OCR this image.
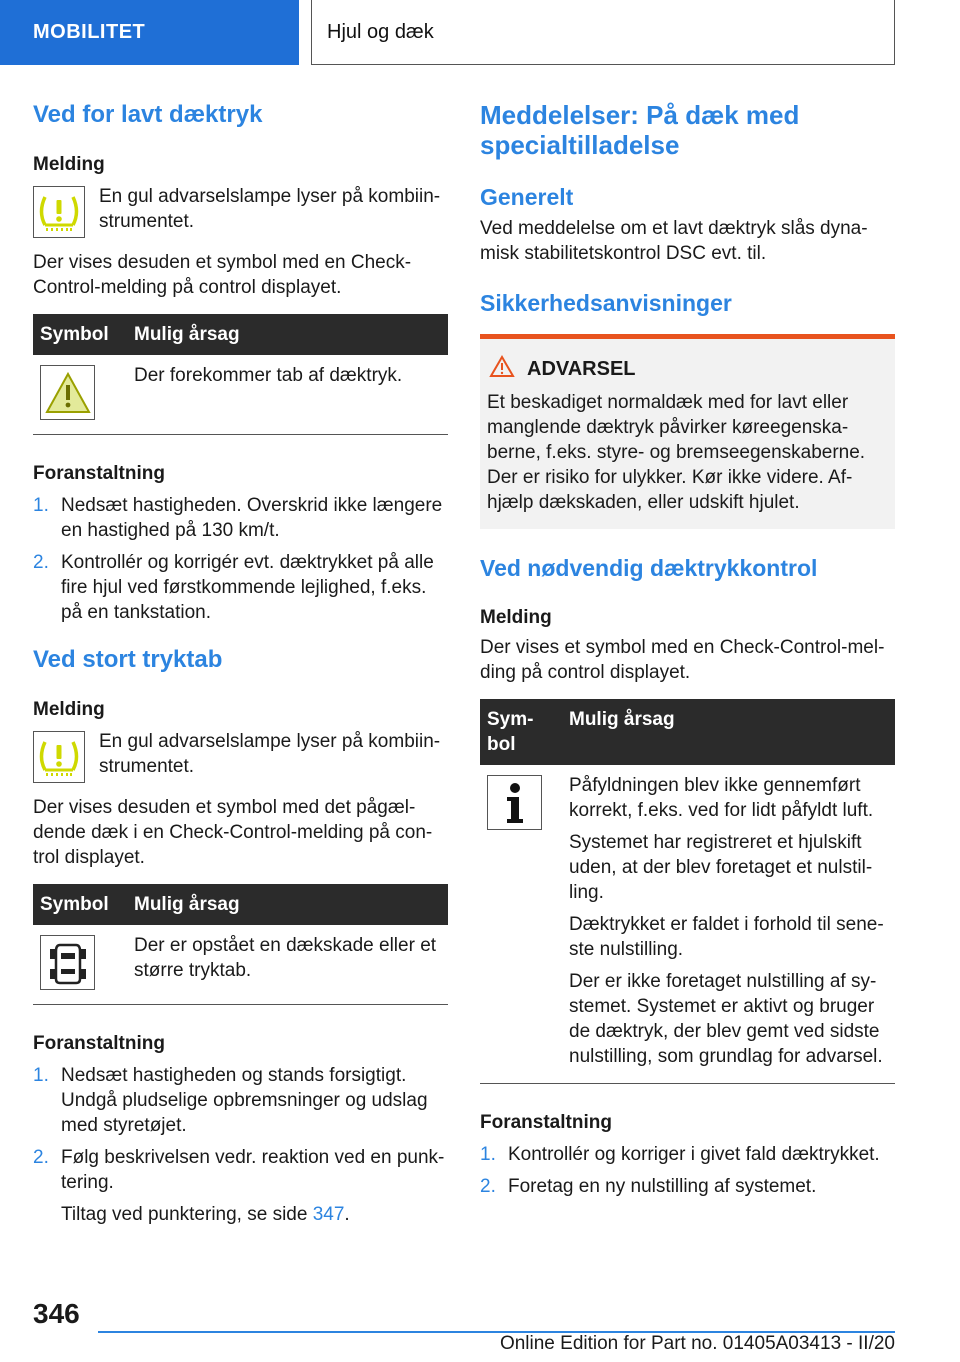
MOBILITET	Hjul og dæk
Ved for lavt dæktryk
Melding

En gul advarselslampe lyser på kombiinstrumentet.

Der vises desuden et symbol med en Check-Control-melding på control displayet.

Symbol	Mulig årsag

	Der forekommer tab af dæktryk.
Foranstaltning
1. Nedsæt hastigheden. Overskrid ikke længere en hastighed på 130 km/t.
2. Kontrollér og korrigér evt. dæktrykket på alle fire hjul ved førstkommende lejlighed, f.eks. på en tankstation.
Ved stort tryktab
Melding

En gul advarselslampe lyser på kombiinstrumentet.

Der vises desuden et symbol med det pågældende dæk i en Check-Control-melding på control displayet.

Symbol	Mulig årsag

	Der er opstået en dækskade eller et større tryktab.
Foranstaltning
1. Nedsæt hastigheden og stands forsigtigt. Undgå pludselige opbremsninger og udslag med styretøjet.
2. Følg beskrivelsen vedr. reaktion ved en punktering.

Tiltag ved punktering, se side 347.

Meddelelser: På dæk med specialtilladelse
Generelt

Ved meddelelse om et lavt dæktryk slås dynamisk stabilitetskontrol DSC evt. til.

Sikkerhedsanvisninger
ADVARSEL

Et beskadiget normaldæk med for lavt eller manglende dæktryk påvirker køreegenskaberne, f.eks. styre- og bremseegenskaberne. Der er risiko for ulykker. Kør ikke videre. Afhjælp dækskaden, eller udskift hjulet.

Ved nødvendig dæktrykkontrol
Melding

Der vises et symbol med en Check-Control-melding på control displayet.

Symbol	Mulig årsag

Påfyldningen blev ikke gennemført korrekt, f.eks. ved for lidt påfyldt luft.

Systemet har registreret et hjulskift uden, at der blev foretaget et nulstilling.

Dæktrykket er faldet i forhold til seneste nulstilling.

Der er ikke foretaget nulstilling af systemet. Systemet er aktivt og bruger de dæktryk, der blev gemt ved sidste nulstilling, som grundlag for advarsel.

Foranstaltning
1. Kontrollér og korriger i givet fald dæktrykket.
2. Foretag en ny nulstilling af systemet.
346
Online Edition for Part no. 01405A03413 - II/20
